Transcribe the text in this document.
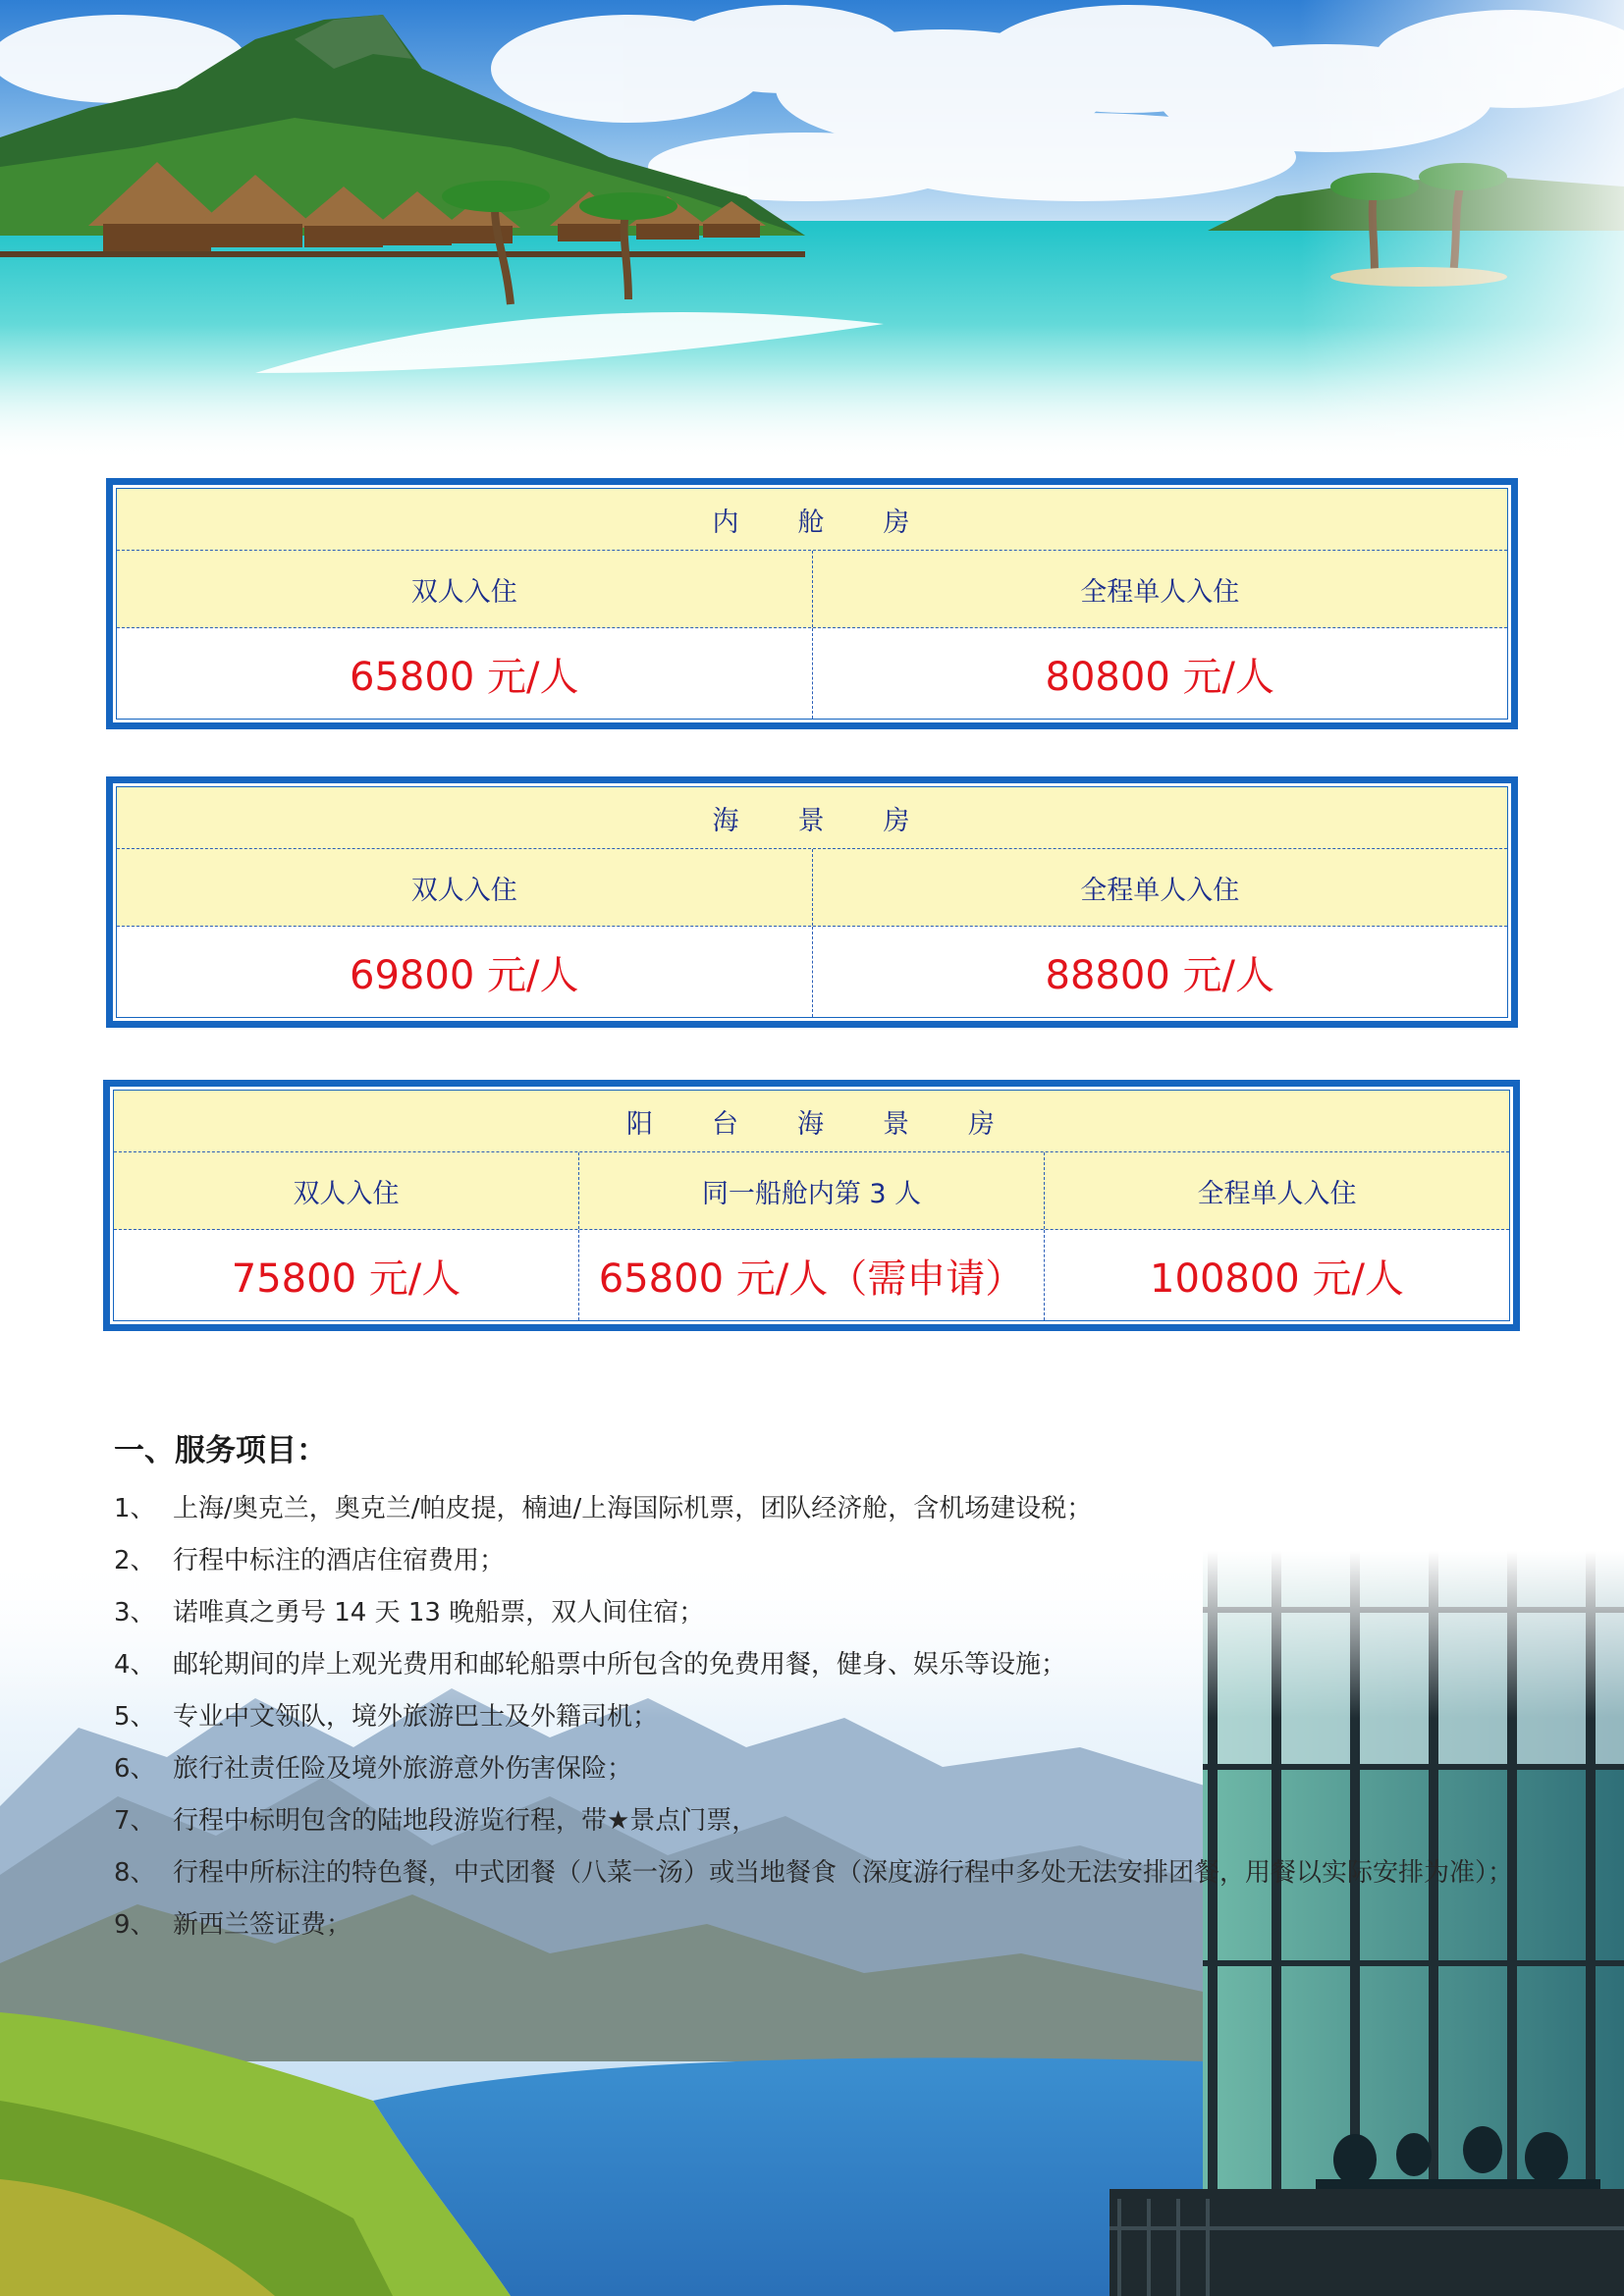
内　　舱　　房
双人入住	全程单人入住
65800 元/人	80800 元/人
海　　景　　房
双人入住	全程单人入住
69800 元/人	88800 元/人
阳　　台　　海　　景　　房
双人入住	同一船舱内第 3 人	全程单人入住
75800 元/人	65800 元/人（需申请）	100800 元/人
一、服务项目：
1、 上海/奥克兰，奥克兰/帕皮提，楠迪/上海国际机票，团队经济舱，含机场建设税；
2、 行程中标注的酒店住宿费用；
3、 诺唯真之勇号 14 天 13 晚船票，双人间住宿；
4、 邮轮期间的岸上观光费用和邮轮船票中所包含的免费用餐，健身、娱乐等设施；
5、 专业中文领队，境外旅游巴士及外籍司机；
6、 旅行社责任险及境外旅游意外伤害保险；
7、 行程中标明包含的陆地段游览行程，带★景点门票，
8、 行程中所标注的特色餐，中式团餐（八菜一汤）或当地餐食（深度游行程中多处无法安排团餐，用餐以实际安排为准）；
9、 新西兰签证费；
